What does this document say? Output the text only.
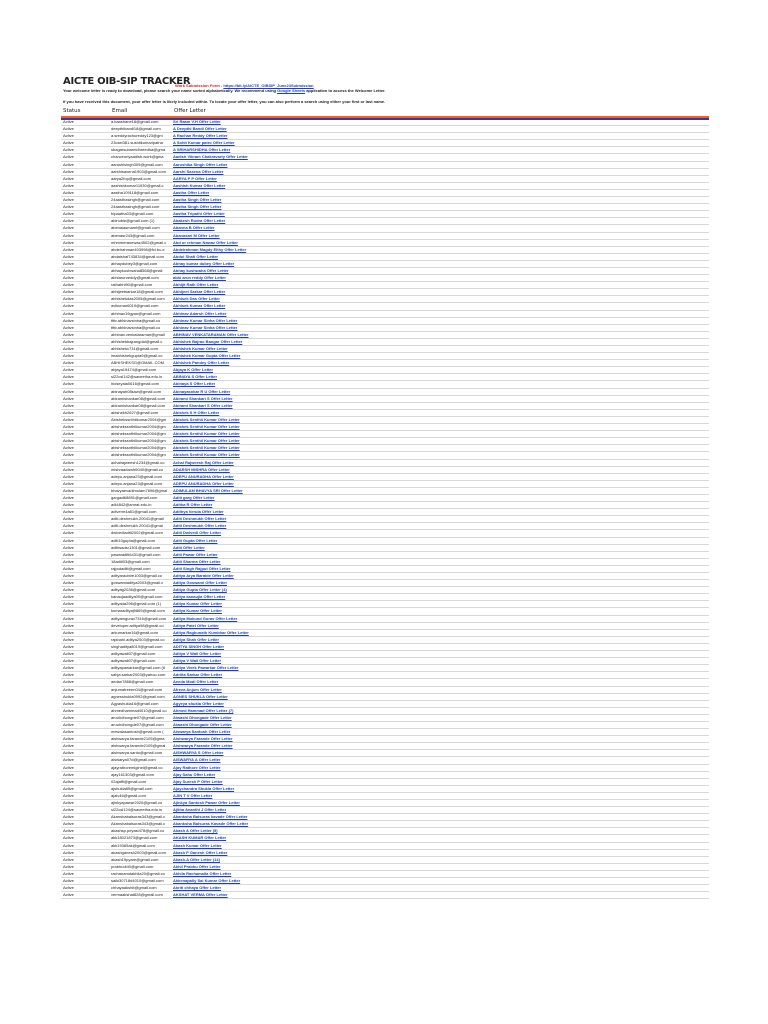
AICTE OIB-SIP TRACKER
Work Submission Form - https://bit.ly/AICTE_OIBSIP_June23Submission
Your welcome letter is ready to download, please search your name sorted alphabetically. We recommend using Google Sheets application to access the Welcome Letter.
If you have received this document, your offer letter is likely included within. To locate your offer letter, you can also perform a search using either your first or last name.
Status	Email	Offer Letter
Active	a.kaashane18@gmail.com	Sri Raam V.H Offer Letter
Active	deepthibandi18@gmail.com	A Deepthi Bandi Offer Letter
Active	a.sreddyrachureddy123@gm	A Rachan Reddy Offer Letter
Active	23csei381.sushitkumaripatha	A Sohit Kumar patro Offer Letter
Active	sbagarsubareidhreedha@gma	A SRIHARSHIDHA Offer Letter
Active	chanceoriyaadish.work@gma	Aadish Vikram Chakravarty Offer Letter
Active	aarushisingh309@gmail.com	Aarushika Singh Offer Letter
Active	aarshisaxena1903@gmail.com	Aarshi Saxena Offer Letter
Active	aarya2fop@gmail.com	AARYA P P Offer Letter
Active	aashishkumar11930@gmail.c	Aashish Kumar Offer Letter
Active	aastha109118@gmail.com	Aastha Offer Letter
Active	24aasthasingh@gmail.com	Aastha Singh Offer Letter
Active	24aasthasingh@gmail.com	Aastha Singh Offer Letter
Active	tripaatha03@gmail.com	Aastha Tripathi Offer Letter
Active	abinubie@gmail.com (1)	Abakesh Rudra Offer Letter
Active	abenaiasmamt@gmail.com	Abanna B Offer Letter
Active	abenasr243@gmail.com	Abanasari M Offer Letter
Active	mhmmeranewaz4502@gmail.c	Abd ur rehman Nawaz Offer Letter
Active	abdelrahman403998@fci.bu.e	Abdelrahman Magdy Elthy Offer Letter
Active	abdalshaf743834@gmail.com	Abdul Shafi Offer Letter
Active	abhaydubey3@gmail.com	Abhay kumar dubey Offer Letter
Active	abhaykushwaha8568@gmail	Abhay kushwaha Offer Letter
Active	abhiarunreddy@gmail.com	abhi arun reddy Offer Letter
Active	rathabhi90@gmail.com	Abhijit Rath Offer Letter
Active	abhijeetsarkar18@gmail.com	Abhijeet Sarkar Offer Letter
Active	abhishekdas2005@gmail.com	Abhisek Das Offer Letter
Active	avikumar6019@gmail.com	Abhisek Kumar Offer Letter
Active	abhinav19gyan@gmail.com	Abhinav Adarsh Offer Letter
Active	ttttr.abhinavsinha@gmail.co	Abhinav Kumar Sinha Offer Letter
Active	ttttr.abhinavsinha@gmail.co	Abhinav Kumar Sinha Offer Letter
Active	abhinav.venkataraman@gmail	ABHINAV VENKATARAMAN Offer Letter
Active	abhishekbajrangdal@gmail.c	Abhishek Bajrao Bangar Offer Letter
Active	abhishekc731@gmail.com	Abhishek Kumar Offer Letter
Active	imabhishekgupta9@gmail.co	Abhishek Kumar Gupta Offer Letter
Active	ABHISHEKSG@GMAIL.COM	Abhishek Pandey Offer Letter
Active	abjaya19474@gmail.com	Abjaya K Offer Letter
Active	sl22csl142@saveetha.edu.in	ABINAYA S Offer Letter
Active	inoseyaia0616@gmail.com	Abinaya S Offer Letter
Active	abinayah08saw@gmail.com	Abinayasnkar R U Offer Letter
Active	abiramishankar08@gmail.com	Abirami Shankari S Offer Letter
Active	abiramishankar08@gmail.com	Abirami Shankari S Offer Letter
Active	abishekh2627@gmail.com	Abishek S H Offer Letter
Active	Abishekssnthilkumar2004@gm	Abishek Senthil Kumar Offer Letter
Active	abishekssnthilkumar2004@gm	Abishek Senthil Kumar Offer Letter
Active	abishekssnthilkumar2004@gm	Abishek Senthil Kumar Offer Letter
Active	abishekssnthilkumar2004@gm	Abishek Senthil Kumar Offer Letter
Active	abishekssnthilkumar2004@gm	Abishek Senthil Kumar Offer Letter
Active	abishekssnthilkumar2004@gm	Abishek Senthil Kumar Offer Letter
Active	achalrajweesh1234@gmail.co	Achal Rajweesh Raj Offer Letter
Active	mishraadarsh6040@gmail.co	ADARSH MISHRA Offer Letter
Active	adepu.anjana23@gmail.com	ADEPU ANURADHA Offer Letter
Active	adepu.anjana23@gmail.com	ADEPU ANURADHA Offer Letter
Active	bhavyaevadimulam7696@gmai	ADIMULAM BHAVYA SRI Offer Letter
Active	gargadiii8891@gmail.com	Aditi garg Offer Letter
Active	adi4842@amrat.edu.in	Aditha R Offer Letter
Active	adiverm4a81@gmail.com	Adithya Verula Offer Letter
Active	aditi.deshmukh.20041@gmail	Aditi Deshmukh Offer Letter
Active	aditi.deshmukh.20041@gmai	Aditi Deshmukh Offer Letter
Active	dwivediaditi2002@gmail.com	Aditi Dwivedi Offer Letter
Active	aditi10gupta@gmail.com	Aditi Gupta Offer Letter
Active	aditiwadsr1301@gmail.com	Aditi Offer Letter
Active	pawaraditi6431@gmail.com	Aditi Pawar Offer Letter
Active	18aditi03@gmail.com	Aditi Sharma Offer Letter
Active	rajputaditi@gmail.com	Aditi Singh Rajput Offer Letter
Active	adityaraobire1003@gmail.co	Aditya Arya Barable Offer Letter
Active	goswamiaditya2003@gmail.c	Aditya Goswami Offer Letter
Active	adityag2036@gmail.com	Aditya Gupta Offer Letter (4)
Active	kanaujaaditya00@gmail.com	Aditya kanaujia Offer Letter
Active	adityada296@gmail.com (1)	Aditya Kumar Offer Letter
Active	kumaradityaj9865@gmail.com	Aditya Kumar Offer Letter
Active	adityamgurav7316@gmail.com	Aditya Mukund Gurav Offer Letter
Active	developer.aditya98@gmail.co	Aditya Patel Offer Letter
Active	arkumarkar16@gmail.com	Aditya Raghunath Kumbhar Offer Letter
Active	rajshahi.aditya2003@gmail.co	Aditya Shah Offer Letter
Active	singhaditya8019@gmail.com	ADITYA SINGH Offer Letter
Active	adityawali07@gmail.com	Aditya V Wali Offer Letter
Active	adityawali07@gmail.com	Aditya V Wali Offer Letter
Active	adityapawarkar@gmail.com (6	Aditya Vivek Pawarkar Offer Letter
Active	sahja.sarkar2003@yahoo.com	Adriita Sarkar Offer Letter
Active	aedan7868@gmail.com	Aeeda Modi Offer Letter
Active	anjumafreeen04@gmail.com	Afreea Anjum Offer Letter
Active	agnesshukla0992@gmail.com	AGNES SHUKLA Offer Letter
Active	Agyashukla16@gmail.com	Agyeya shukla Offer Letter
Active	ahmedhammad4010@gmail.co	Ahmed Hammad Offer Letter (7)
Active	aruohdhongde07@gmail.com	Aiwashi Dhongade Offer Letter
Active	aruohdhongde07@gmail.com	Aiwashi Dhongade Offer Letter
Active	mewalasantosh@gmail.com (	Aiswarya Santosh Offer Letter
Active	aishwarya.farande2105@gma	Aishwarya Farande Offer Letter
Active	aishwarya.farande2105@gmai	Aishwarya Farande Offer Letter
Active	aishwarya.santo@gmail.com	AISHWARYA S Offer Letter
Active	aiswarya07d@gmail.com	AISWARYA A Offer Letter
Active	ajayrathoremiginei@gmail.co	Ajay Rathore Offer Letter
Active	ajay161303@gmail.com	Ajay Sahu Offer Letter
Active	02ajaffl@gmail.com	Ajay Suresh P Offer Letter
Active	ajshukla89@gmail.com	Ajaychandra Shukla Offer Letter
Active	ajaiv46@gmail.com	AJIN T V Offer Letter
Active	ajinkyapawar2020@gmail.co	Ajinkya Santosh Pawar Offer Letter
Active	sl22csl124@saveetha.edu.in	Ajitha Ananthi J Offer Letter
Active	Akanshabalsuras343@gmail.c	Akanksha Balsuras kavade Offer Letter
Active	Akanshabalsuras343@gmail.c	Akanksha Balsuras Kavade Offer Letter
Active	akashsp.peyasi478@gmail.co	Akash A Offer Letter (5)
Active	akk18021873@gmail.com	AKASH KUMAR Offer Letter
Active	akk19385ak@gmail.com	Akash Kumar Offer Letter
Active	akashganesh2003@gmail.com	Akash P Ganesh Offer Letter
Active	akash19pyare@gmail.com	Akash.A Offer Letter (14)
Active	prabhudi40@gmail.com	Akhil Prabhu Offer Letter
Active	rachanamdakhila20@gmail.co	Akhila Rachamalla Offer Letter
Active	saiki30718d4010@gmail.com	Akkenapally Sai Kumar Offer Letter
Active	chhayaakshit@gmail.com	Akriti chhaya Offer Letter
Active	vermaakshat828@gmail.com	AKSHAT VERMA Offer Letter
